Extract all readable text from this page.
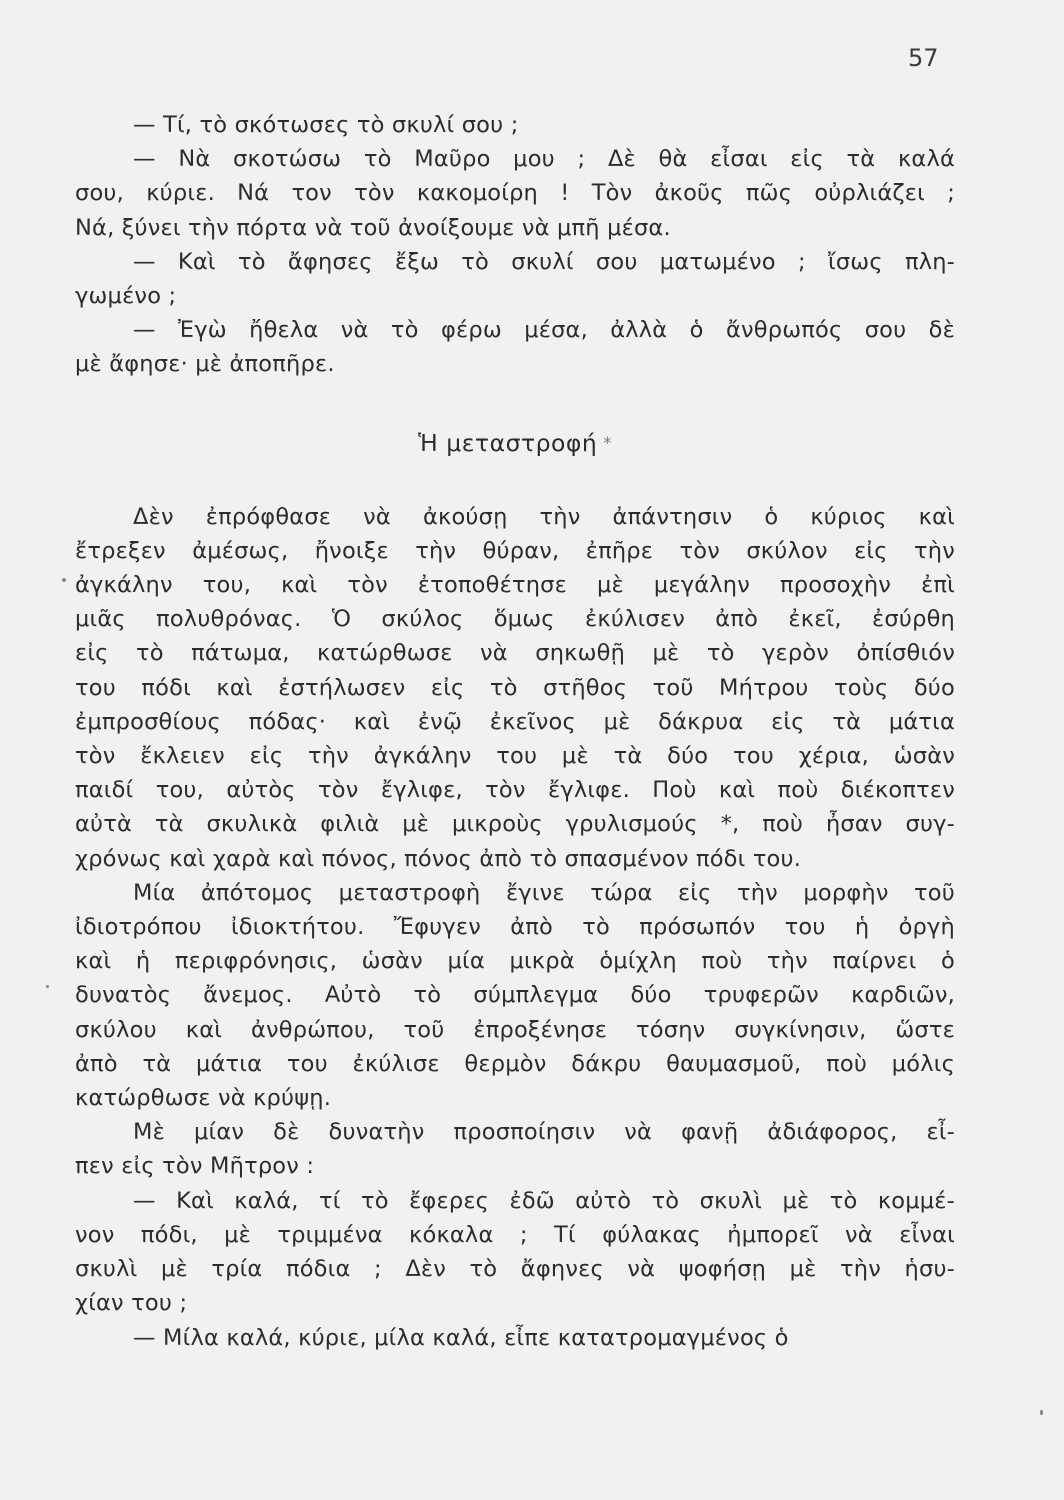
57
— Τί, τὸ σκότωσες τὸ σκυλί σου ;
— Νὰ σκοτώσω τὸ Μαῦρο μου ; Δὲ θὰ εἶσαι εἰς τὰ καλά
σου, κύριε. Νά τον τὸν κακομοίρη ! Τὸν ἀκοῦς πῶς οὐρλιάζει ;
Νά, ξύνει τὴν πόρτα νὰ τοῦ ἀνοίξουμε νὰ μπῆ μέσα.
— Καὶ τὸ ἄφησες ἔξω τὸ σκυλί σου ματωμένο ; ἴσως πλη-
γωμένο ;
— Ἐγὼ ἤθελα νὰ τὸ φέρω μέσα, ἀλλὰ ὁ ἄνθρωπός σου δὲ
μὲ ἄφησε· μὲ ἀποπῆρε.
Ἡ μεταστροφή *
Δὲν ἐπρόφθασε νὰ ἀκούσῃ τὴν ἀπάντησιν ὁ κύριος καὶ
ἔτρεξεν ἀμέσως, ἤνοιξε τὴν θύραν, ἐπῆρε τὸν σκύλον εἰς τὴν
ἀγκάλην του, καὶ τὸν ἐτοποθέτησε μὲ μεγάλην προσοχὴν ἐπὶ
μιᾶς πολυθρόνας. Ὁ σκύλος ὅμως ἐκύλισεν ἀπὸ ἐκεῖ, ἐσύρθη
εἰς τὸ πάτωμα, κατώρθωσε νὰ σηκωθῇ μὲ τὸ γερὸν ὀπίσθιόν
του πόδι καὶ ἐστήλωσεν εἰς τὸ στῆθος τοῦ Μήτρου τοὺς δύο
ἐμπροσθίους πόδας· καὶ ἐνῷ ἐκεῖνος μὲ δάκρυα εἰς τὰ μάτια
τὸν ἔκλειεν εἰς τὴν ἀγκάλην του μὲ τὰ δύο του χέρια, ὡσὰν
παιδί του, αὐτὸς τὸν ἔγλιφε, τὸν ἔγλιφε. Ποὺ καὶ ποὺ διέκοπτεν
αὐτὰ τὰ σκυλικὰ φιλιὰ μὲ μικροὺς γρυλισμούς *, ποὺ ἦσαν συγ-
χρόνως καὶ χαρὰ καὶ πόνος, πόνος ἀπὸ τὸ σπασμένον πόδι του.
Μία ἀπότομος μεταστροφὴ ἔγινε τώρα εἰς τὴν μορφὴν τοῦ
ἰδιοτρόπου ἰδιοκτήτου. Ἔφυγεν ἀπὸ τὸ πρόσωπόν του ἡ ὀργὴ
καὶ ἡ περιφρόνησις, ὡσὰν μία μικρὰ ὁμίχλη ποὺ τὴν παίρνει ὁ
δυνατὸς ἄνεμος. Αὐτὸ τὸ σύμπλεγμα δύο τρυφερῶν καρδιῶν,
σκύλου καὶ ἀνθρώπου, τοῦ ἐπροξένησε τόσην συγκίνησιν, ὥστε
ἀπὸ τὰ μάτια του ἐκύλισε θερμὸν δάκρυ θαυμασμοῦ, ποὺ μόλις
κατώρθωσε νὰ κρύψῃ.
Μὲ μίαν δὲ δυνατὴν προσποίησιν νὰ φανῇ ἀδιάφορος, εἶ-
πεν εἰς τὸν Μῆτρον :
— Καὶ καλά, τί τὸ ἔφερες ἐδῶ αὐτὸ τὸ σκυλὶ μὲ τὸ κομμέ-
νον πόδι, μὲ τριμμένα κόκαλα ; Τί φύλακας ἠμπορεῖ νὰ εἶναι
σκυλὶ μὲ τρία πόδια ; Δὲν τὸ ἄφηνες νὰ ψοφήσῃ μὲ τὴν ἡσυ-
χίαν του ;
— Μίλα καλά, κύριε, μίλα καλά, εἶπε κατατρομαγμένος ὁ
